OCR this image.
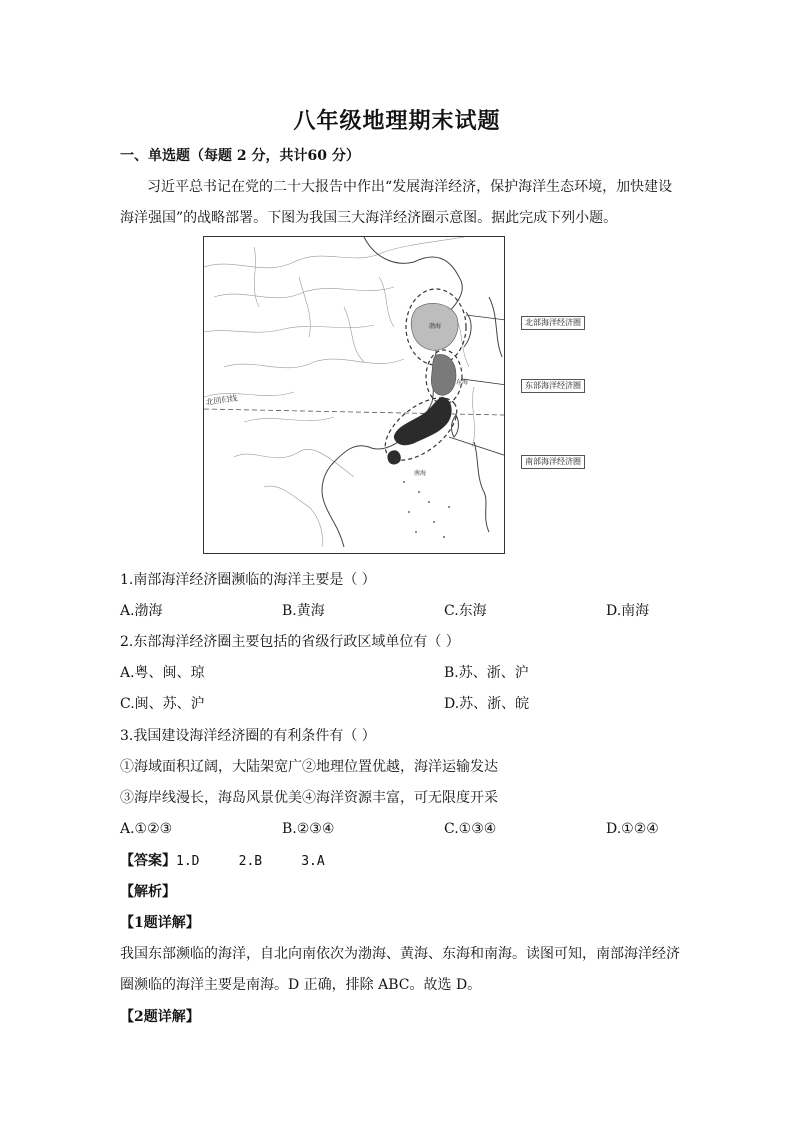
八年级地理期末试题
一、单选题（每题 2 分，共计60 分）
习近平总书记在党的二十大报告中作出“发展海洋经济，保护海洋生态环境，加快建设
海洋强国”的战略部署。下图为我国三大海洋经济圈示意图。据此完成下列小题。
北回归线
渤海
东海
南海
北部海洋经济圈
东部海洋经济圈
南部海洋经济圈
1.南部海洋经济圈濒临的海洋主要是（ ）
A.渤海	B.黄海	C.东海	D.南海
2.东部海洋经济圈主要包括的省级行政区域单位有（ ）
A.粤、闽、琼	B.苏、浙、沪
C.闽、苏、沪	D.苏、浙、皖
3.我国建设海洋经济圈的有利条件有（ ）
①海域面积辽阔，大陆架宽广②地理位置优越，海洋运输发达
③海岸线漫长，海岛风景优美④海洋资源丰富，可无限度开采
A.①②③	B.②③④	C.①③④	D.①②④
【答案】1.D     2.B     3.A
【解析】
【1题详解】
我国东部濒临的海洋，自北向南依次为渤海、黄海、东海和南海。读图可知，南部海洋经济
圈濒临的海洋主要是南海。D 正确，排除 ABC。故选 D。
【2题详解】
